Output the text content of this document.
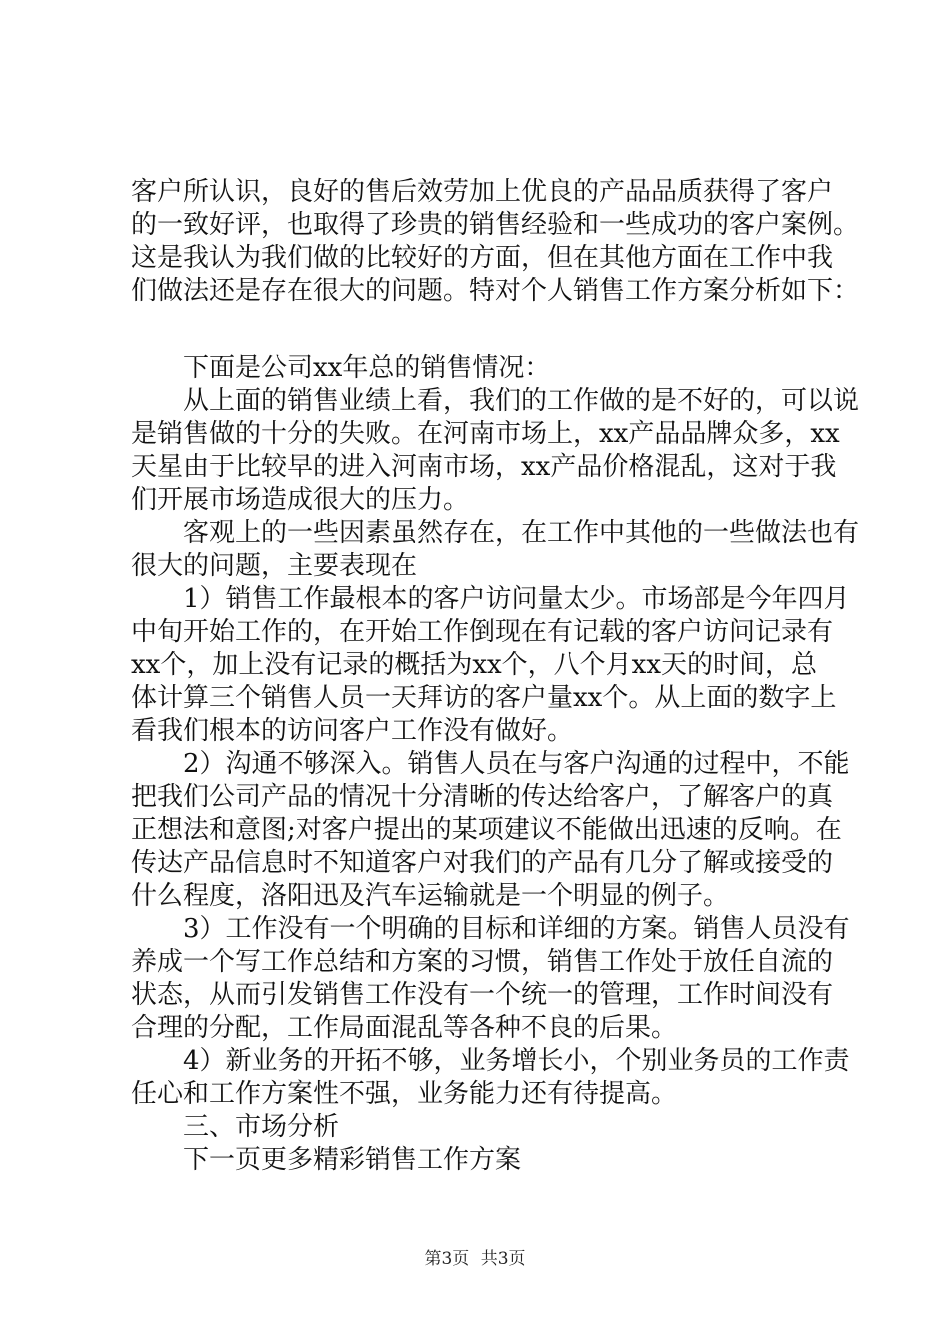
客户所认识，良好的售后效劳加上优良的产品品质获得了客户
的一致好评，也取得了珍贵的销售经验和一些成功的客户案例。
这是我认为我们做的比较好的方面，但在其他方面在工作中我
们做法还是存在很大的问题。特对个人销售工作方案分析如下：
下面是公司xx年总的销售情况：
从上面的销售业绩上看，我们的工作做的是不好的，可以说
是销售做的十分的失败。在河南市场上，xx产品品牌众多，xx
天星由于比较早的进入河南市场，xx产品价格混乱，这对于我
们开展市场造成很大的压力。
客观上的一些因素虽然存在，在工作中其他的一些做法也有
很大的问题，主要表现在
1）销售工作最根本的客户访问量太少。市场部是今年四月
中旬开始工作的，在开始工作倒现在有记载的客户访问记录有
xx个，加上没有记录的概括为xx个，八个月xx天的时间，总
体计算三个销售人员一天拜访的客户量xx个。从上面的数字上
看我们根本的访问客户工作没有做好。
2）沟通不够深入。销售人员在与客户沟通的过程中，不能
把我们公司产品的情况十分清晰的传达给客户，了解客户的真
正想法和意图;对客户提出的某项建议不能做出迅速的反响。在
传达产品信息时不知道客户对我们的产品有几分了解或接受的
什么程度，洛阳迅及汽车运输就是一个明显的例子。
3）工作没有一个明确的目标和详细的方案。销售人员没有
养成一个写工作总结和方案的习惯，销售工作处于放任自流的
状态，从而引发销售工作没有一个统一的管理，工作时间没有
合理的分配，工作局面混乱等各种不良的后果。
4）新业务的开拓不够，业务增长小，个别业务员的工作责
任心和工作方案性不强，业务能力还有待提高。
三、市场分析
下一页更多精彩销售工作方案
第3页 共3页
